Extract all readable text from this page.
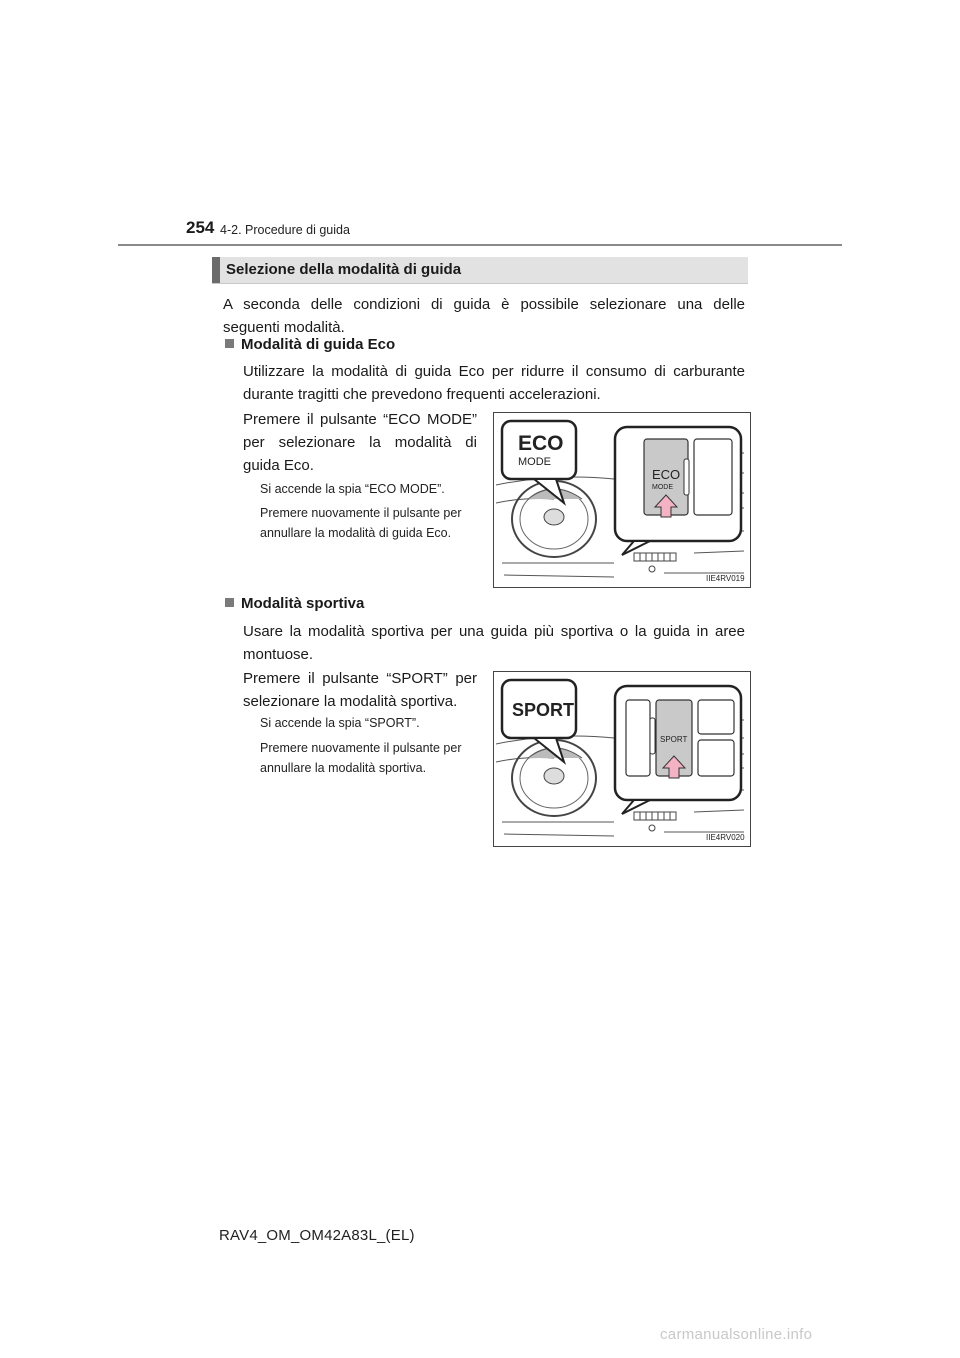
254 4-2. Procedure di guida
Selezione della modalità di guida
A seconda delle condizioni di guida è possibile selezionare una delle
seguenti modalità.
Modalità di guida Eco
Utilizzare la modalità di guida Eco per ridurre il consumo di carburante
durante tragitti che prevedono frequenti accelerazioni.
Premere il pulsante “ECO MODE”
per selezionare la modalità di
guida Eco.
Si accende la spia “ECO MODE”.
Premere nuovamente il pulsante per
annullare la modalità di guida Eco.
ECO
MODE
ECO
MODE
IIE4RV019
Modalità sportiva
Usare la modalità sportiva per una guida più sportiva o la guida in aree
montuose.
Premere il pulsante “SPORT” per
selezionare la modalità sportiva.
Si accende la spia “SPORT”.
Premere nuovamente il pulsante per
annullare la modalità sportiva.
SPORT
SPORT
IIE4RV020
RAV4_OM_OM42A83L_(EL)
carmanualsonline.info
